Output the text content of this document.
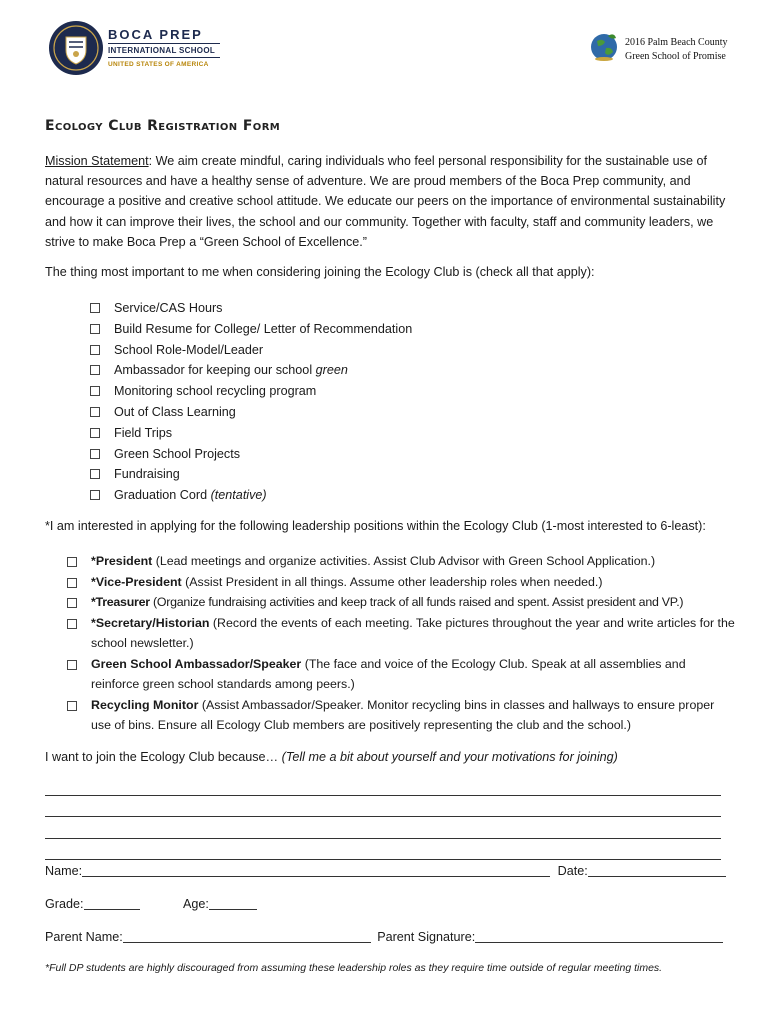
BOCA PREP
INTERNATIONAL SCHOOL
UNITED STATES OF AMERICA
2016 Palm Beach County
Green School of Promise
Ecology Club Registration Form
Mission Statement: We aim create mindful, caring individuals who feel personal responsibility for the sustainable use of natural resources and have a healthy sense of adventure. We are proud members of the Boca Prep community, and encourage a positive and creative school attitude. We educate our peers on the importance of environmental sustainability and how it can improve their lives, the school and our community. Together with faculty, staff and community leaders, we strive to make Boca Prep a “Green School of Excellence.”
The thing most important to me when considering joining the Ecology Club is (check all that apply):
Service/CAS Hours
Build Resume for College/ Letter of Recommendation
School Role-Model/Leader
Ambassador for keeping our school green
Monitoring school recycling program
Out of Class Learning
Field Trips
Green School Projects
Fundraising
Graduation Cord (tentative)
*I am interested in applying for the following leadership positions within the Ecology Club (1-most interested to 6-least):
*President (Lead meetings and organize activities. Assist Club Advisor with Green School Application.)
*Vice-President (Assist President in all things. Assume other leadership roles when needed.)
*Treasurer (Organize fundraising activities and keep track of all funds raised and spent. Assist president and VP.)
*Secretary/Historian (Record the events of each meeting. Take pictures throughout the year and write articles for the school newsletter.)
Green School Ambassador/Speaker (The face and voice of the Ecology Club. Speak at all assemblies and reinforce green school standards among peers.)
Recycling Monitor (Assist Ambassador/Speaker. Monitor recycling bins in classes and hallways to ensure proper use of bins. Ensure all Ecology Club members are positively representing the club and the school.)
I want to join the Ecology Club because… (Tell me a bit about yourself and your motivations for joining)
Name:	Date:
Grade:	Age:
Parent Name:	Parent Signature:
*Full DP students are highly discouraged from assuming these leadership roles as they require time outside of regular meeting times.
